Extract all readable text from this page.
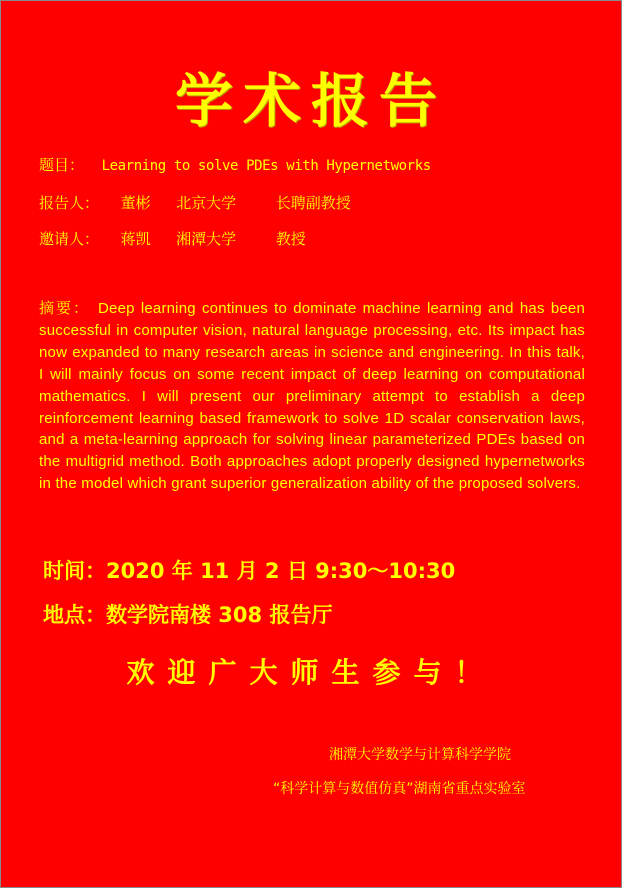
学术报告
题目： Learning to solve PDEs with Hypernetworks
报告人： 董彬 北京大学	长聘副教授
邀请人： 蒋凯 湘潭大学	教授
摘要： Deep learning continues to dominate machine learning and has been successful in computer vision, natural language processing, etc. Its impact has now expanded to many research areas in science and engineering. In this talk, I will mainly focus on some recent impact of deep learning on computational mathematics. I will present our preliminary attempt to establish a deep reinforcement learning based framework to solve 1D scalar conservation laws, and a meta-learning approach for solving linear parameterized PDEs based on the multigrid method. Both approaches adopt properly designed hypernetworks in the model which grant superior generalization ability of the proposed solvers.
时间：2020 年 11 月 2 日 9:30～10:30
地点：数学院南楼 308 报告厅
欢迎广大师生参与！
湘潭大学数学与计算科学学院
“科学计算与数值仿真”湖南省重点实验室
